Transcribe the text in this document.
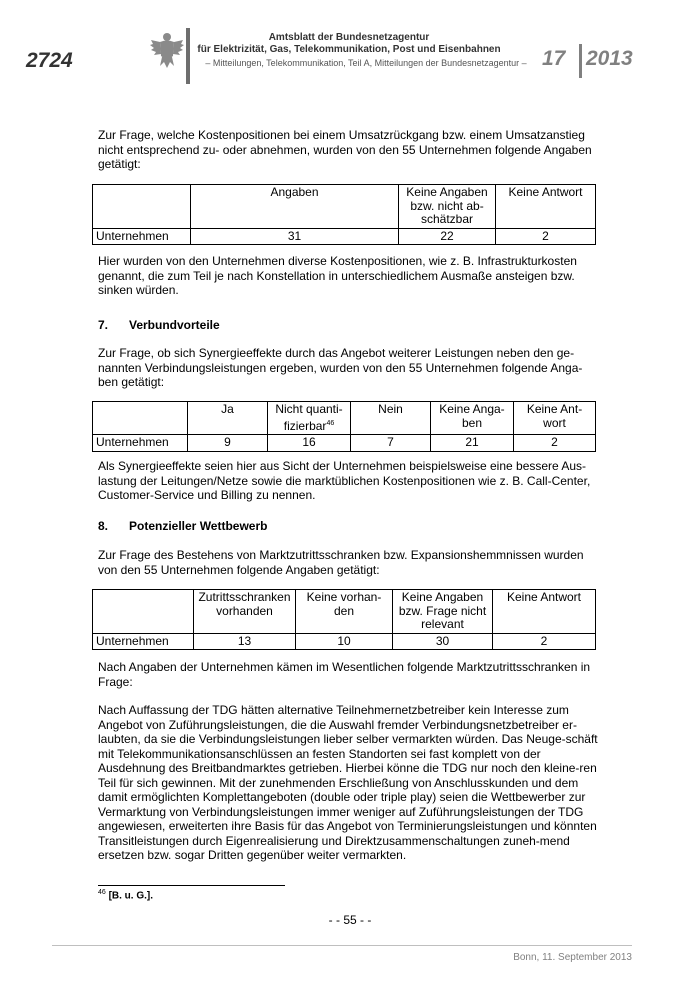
2724
Amtsblatt der Bundesnetzagentur
für Elektrizität, Gas, Telekommunikation, Post und Eisenbahnen
– Mitteilungen, Telekommunikation, Teil A, Mitteilungen der Bundesnetzagentur – 17 2013
Zur Frage, welche Kostenpositionen bei einem Umsatzrückgang bzw. einem Umsatzanstieg nicht entsprechend zu- oder abnehmen, wurden von den 55 Unternehmen folgende Angaben getätigt:
	Angaben	Keine Angaben bzw. nicht ab-schätzbar	Keine Antwort
Unternehmen	31	22	2
Hier wurden von den Unternehmen diverse Kostenpositionen, wie z. B. Infrastrukturkosten genannt, die zum Teil je nach Konstellation in unterschiedlichem Ausmaße ansteigen bzw. sinken würden.
7. Verbundvorteile
Zur Frage, ob sich Synergieeffekte durch das Angebot weiterer Leistungen neben den ge-nannten Verbindungsleistungen ergeben, wurden von den 55 Unternehmen folgende Anga-ben getätigt:
	Ja	Nicht quanti-fizierbar$^{46}$	Nein	Keine Anga-ben	Keine Ant-wort
Unternehmen	9	16	7	21	2
Als Synergieeffekte seien hier aus Sicht der Unternehmen beispielsweise eine bessere Aus-lastung der Leitungen/Netze sowie die marktüblichen Kostenpositionen wie z. B. Call-Center, Customer-Service und Billing zu nennen.
8. Potenzieller Wettbewerb
Zur Frage des Bestehens von Marktzutrittsschranken bzw. Expansionshemmnissen wurden von den 55 Unternehmen folgende Angaben getätigt:
	Zutrittsschranken vorhanden	Keine vorhan-den	Keine Angaben bzw. Frage nicht relevant	Keine Antwort
Unternehmen	13	10	30	2
Nach Angaben der Unternehmen kämen im Wesentlichen folgende Marktzutrittsschranken in Frage:
Nach Auffassung der TDG hätten alternative Teilnehmernetzbetreiber kein Interesse zum Angebot von Zuführungsleistungen, die die Auswahl fremder Verbindungsnetzbetreiber er-laubten, da sie die Verbindungsleistungen lieber selber vermarkten würden. Das Neuge-schäft mit Telekommunikationsanschlüssen an festen Standorten sei fast komplett von der Ausdehnung des Breitbandmarktes getrieben. Hierbei könne die TDG nur noch den kleine-ren Teil für sich gewinnen. Mit der zunehmenden Erschließung von Anschlusskunden und dem damit ermöglichten Komplettangeboten (double oder triple play) seien die Wettbewerber zur Vermarktung von Verbindungsleistungen immer weniger auf Zuführungsleistungen der TDG angewiesen, erweiterten ihre Basis für das Angebot von Terminierungsleistungen und könnten Transitleistungen durch Eigenrealisierung und Direktzusammenschaltungen zuneh-mend ersetzen bzw. sogar Dritten gegenüber weiter vermarkten.
$^{46}$ [B. u. G.].
- - 55 - -
Bonn, 11. September 2013
